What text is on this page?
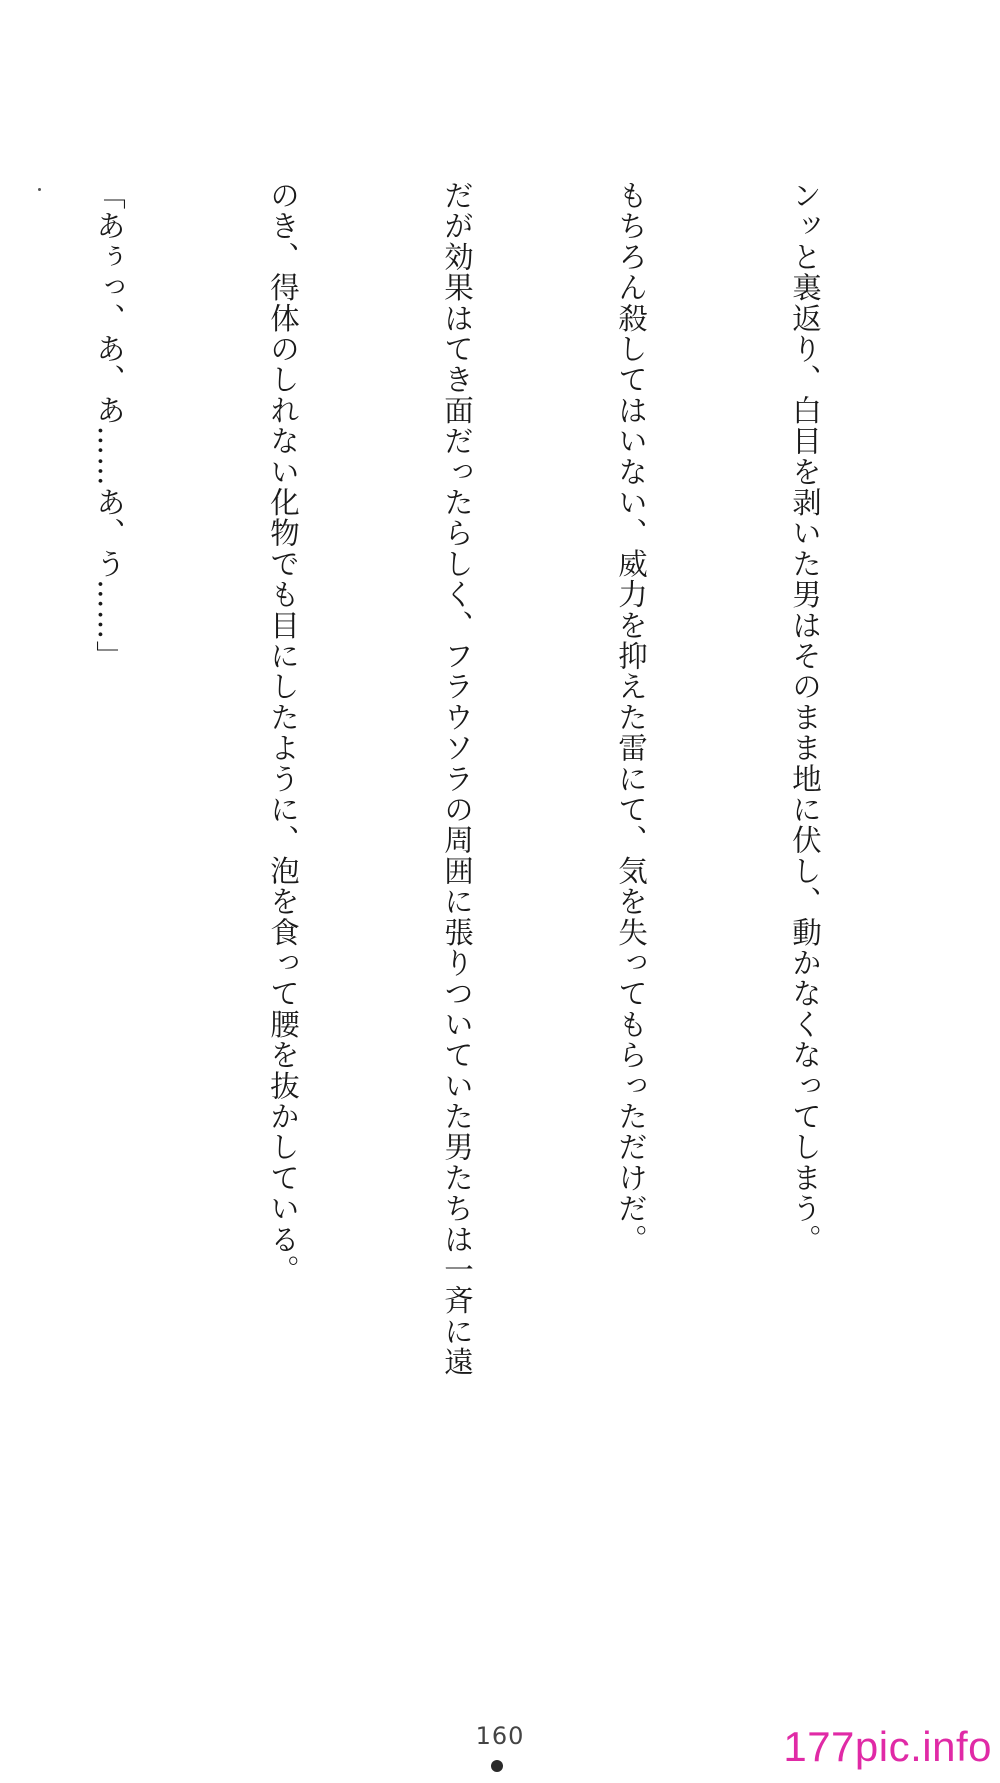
ンッと裏返り、白目を剥いた男はそのまま地に伏し、動かなくなってしまう。

もちろん殺してはいない、威力を抑えた雷にて、気を失ってもらっただけだ。

だが効果はてき面だったらしく、フラウソラの周囲に張りついていた男たちは一斉に遠

のき、得体のしれない化物でも目にしたように、泡を食って腰を抜かしている。

「あぅっ、あ、あ……あ、う……」

160	177pic.info
